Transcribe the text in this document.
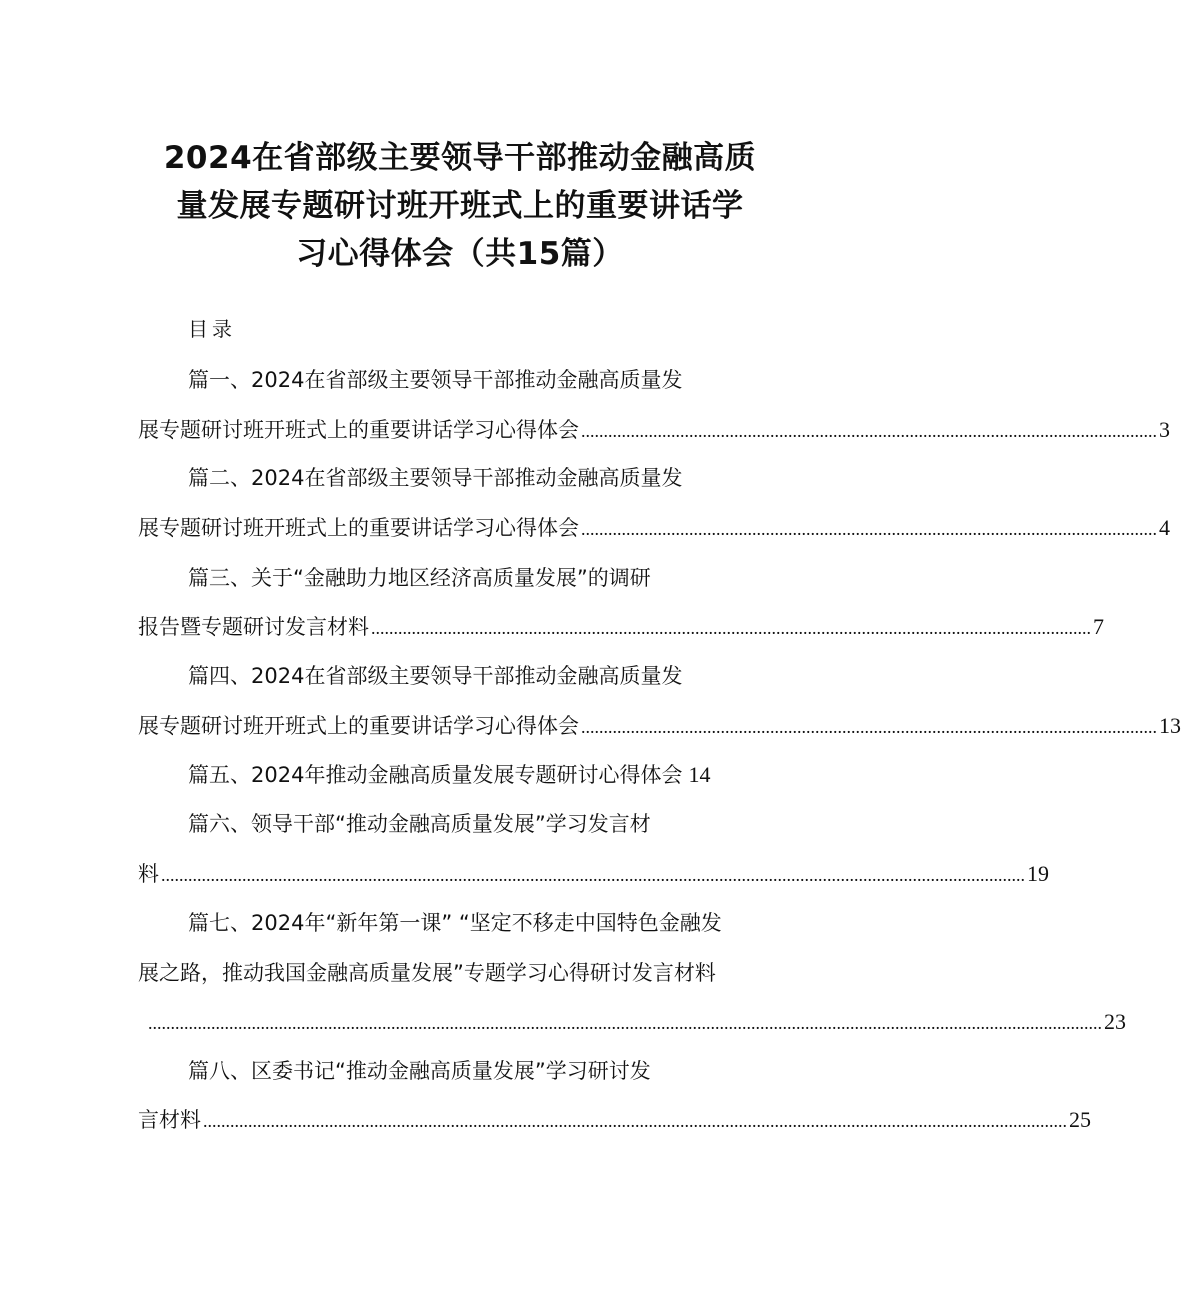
2024在省部级主要领导干部推动金融高质
量发展专题研讨班开班式上的重要讲话学
习心得体会（共15篇）
目录
篇一、2024在省部级主要领导干部推动金融高质量发
展专题研讨班开班式上的重要讲话学习心得体会 ................................................................................................................................ 3
篇二、2024在省部级主要领导干部推动金融高质量发
展专题研讨班开班式上的重要讲话学习心得体会 ................................................................................................................................ 4
篇三、关于“金融助力地区经济高质量发展”的调研
报告暨专题研讨发言材料 ................................................................................................................................................................ 7
篇四、2024在省部级主要领导干部推动金融高质量发
展专题研讨班开班式上的重要讲话学习心得体会 ................................................................................................................................ 13
篇五、2024年推动金融高质量发展专题研讨心得体会 14
篇六、领导干部“推动金融高质量发展”学习发言材
料 ................................................................................................................................................................................................ 19
篇七、2024年“新年第一课” “坚定不移走中国特色金融发
展之路，推动我国金融高质量发展”专题学习心得研讨发言材料
.................................................................................................................................................................................................................... 23
篇八、区委书记“推动金融高质量发展”学习研讨发
言材料 ................................................................................................................................................................................................ 25
